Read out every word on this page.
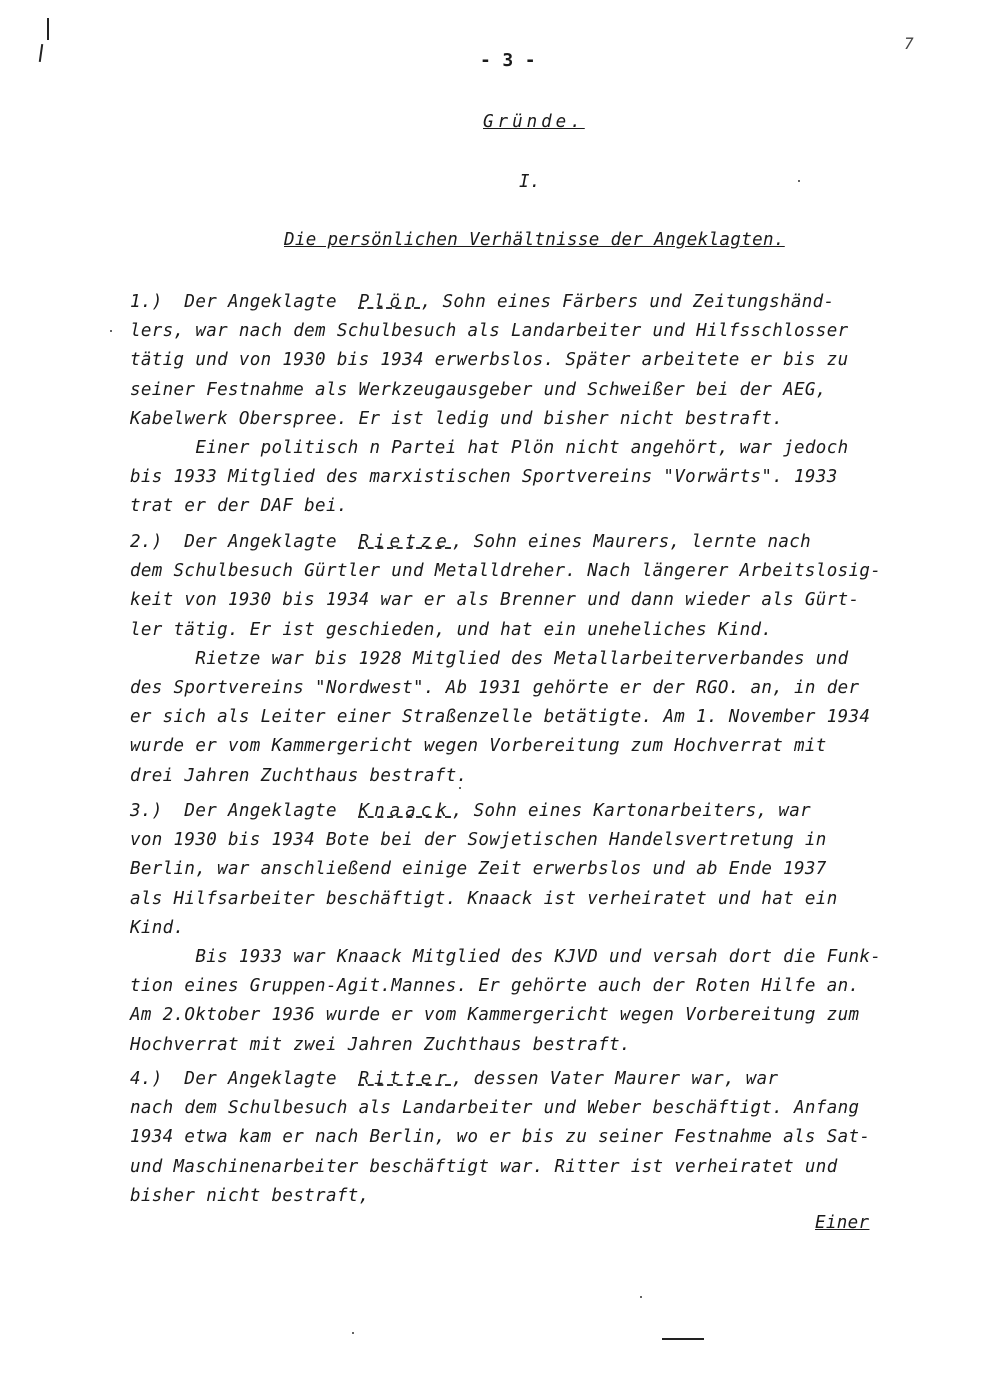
7
- 3 -
Gründe.
I.
Die persönlichen Verhältnisse der Angeklagten.
1.)  Der Angeklagte  Plön, Sohn eines Färbers und Zeitungshänd-
lers, war nach dem Schulbesuch als Landarbeiter und Hilfsschlosser
tätig und von 1930 bis 1934 erwerbslos. Später arbeitete er bis zu
seiner Festnahme als Werkzeugausgeber und Schweißer bei der AEG,
Kabelwerk Oberspree. Er ist ledig und bisher nicht bestraft.
Einer politisch n Partei hat Plön nicht angehört, war jedoch
bis 1933 Mitglied des marxistischen Sportvereins "Vorwärts". 1933
trat er der DAF bei.
2.)  Der Angeklagte  Rietze, Sohn eines Maurers, lernte nach
dem Schulbesuch Gürtler und Metalldreher. Nach längerer Arbeitslosig-
keit von 1930 bis 1934 war er als Brenner und dann wieder als Gürt-
ler tätig. Er ist geschieden, und hat ein uneheliches Kind.
Rietze war bis 1928 Mitglied des Metallarbeiterverbandes und
des Sportvereins "Nordwest". Ab 1931 gehörte er der RGO. an, in der
er sich als Leiter einer Straßenzelle betätigte. Am 1. November 1934
wurde er vom Kammergericht wegen Vorbereitung zum Hochverrat mit
drei Jahren Zuchthaus bestraft.
3.)  Der Angeklagte  Knaack, Sohn eines Kartonarbeiters, war
von 1930 bis 1934 Bote bei der Sowjetischen Handelsvertretung in
Berlin, war anschließend einige Zeit erwerbslos und ab Ende 1937
als Hilfsarbeiter beschäftigt. Knaack ist verheiratet und hat ein
Kind.
Bis 1933 war Knaack Mitglied des KJVD und versah dort die Funk-
tion eines Gruppen-Agit.Mannes. Er gehörte auch der Roten Hilfe an.
Am 2.Oktober 1936 wurde er vom Kammergericht wegen Vorbereitung zum
Hochverrat mit zwei Jahren Zuchthaus bestraft.
4.)  Der Angeklagte  Ritter, dessen Vater Maurer war, war
nach dem Schulbesuch als Landarbeiter und Weber beschäftigt. Anfang
1934 etwa kam er nach Berlin, wo er bis zu seiner Festnahme als Sat-
und Maschinenarbeiter beschäftigt war. Ritter ist verheiratet und
bisher nicht bestraft,
Einer
